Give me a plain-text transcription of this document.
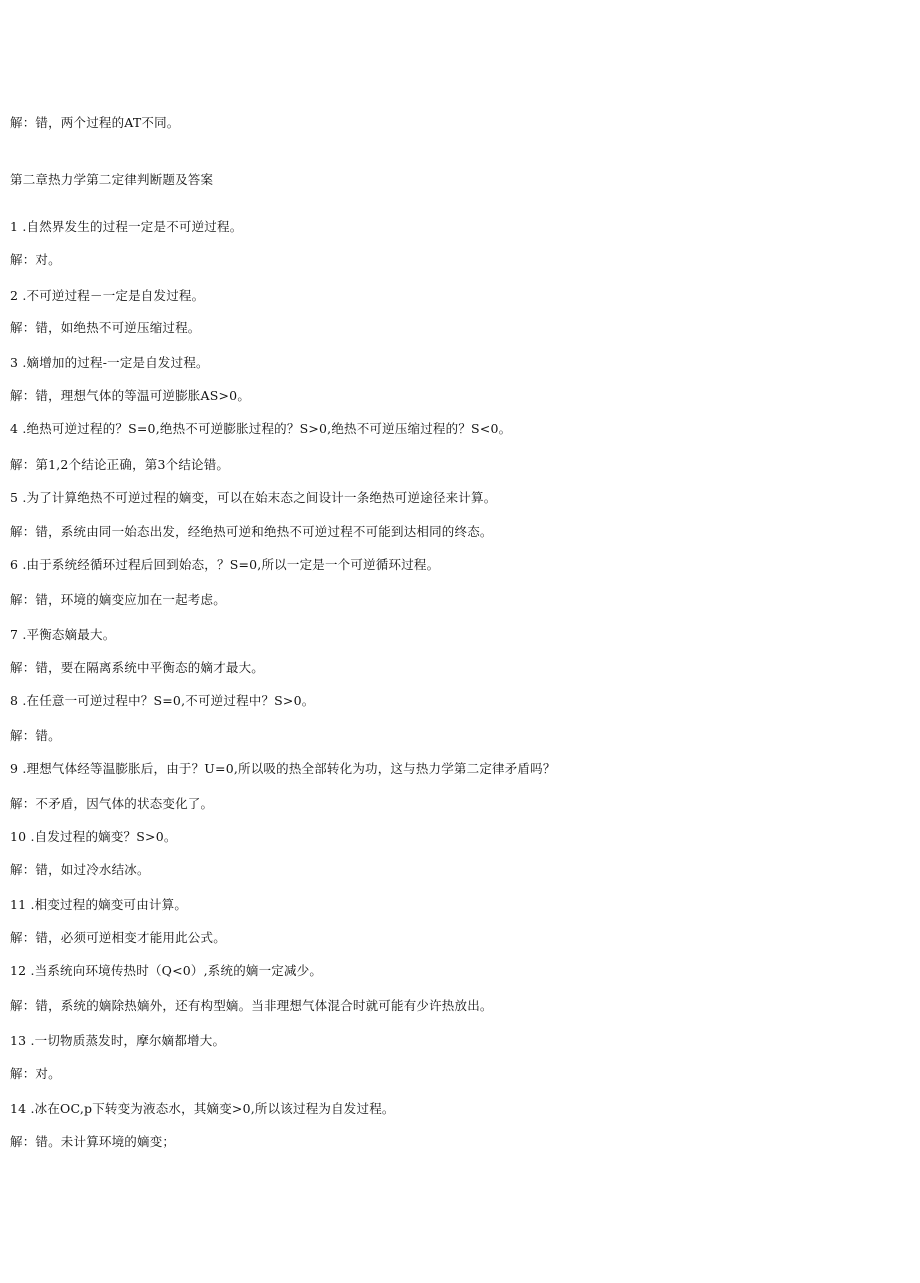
解：错，两个过程的AT不同。
第二章热力学第二定律判断题及答案
1 .自然界发生的过程一定是不可逆过程。
解：对。
2 .不可逆过程－一定是自发过程。
解：错，如绝热不可逆压缩过程。
3 .嫡增加的过程-一定是自发过程。
解：错，理想气体的等温可逆膨胀AS>0。
4 .绝热可逆过程的？S=0,绝热不可逆膨胀过程的？S>0,绝热不可逆压缩过程的？S<0。
解：第1,2个结论正确，第3个结论错。
5 .为了计算绝热不可逆过程的嫡变，可以在始末态之间设计一条绝热可逆途径来计算。
解：错，系统由同一始态出发，经绝热可逆和绝热不可逆过程不可能到达相同的终态。
6 .由于系统经循环过程后回到始态，？S=0,所以一定是一个可逆循环过程。
解：错，环境的嫡变应加在一起考虑。
7 .平衡态嫡最大。
解：错，要在隔离系统中平衡态的嫡才最大。
8 .在任意一可逆过程中？S=0,不可逆过程中？S>0。
解：错。
9 .理想气体经等温膨胀后，由于？U=0,所以吸的热全部转化为功，这与热力学第二定律矛盾吗？
解：不矛盾，因气体的状态变化了。
10 .自发过程的嫡变？S>0。
解：错，如过冷水结冰。
11 .相变过程的嫡变可由计算。
解：错，必须可逆相变才能用此公式。
12 .当系统向环境传热时（Q<0）,系统的嫡一定减少。
解：错，系统的嫡除热嫡外，还有构型嫡。当非理想气体混合时就可能有少许热放出。
13 .一切物质蒸发时，摩尔嫡都增大。
解：对。
14 .冰在OC,p下转变为液态水，其嫡变>0,所以该过程为自发过程。
解：错。未计算环境的嫡变；
